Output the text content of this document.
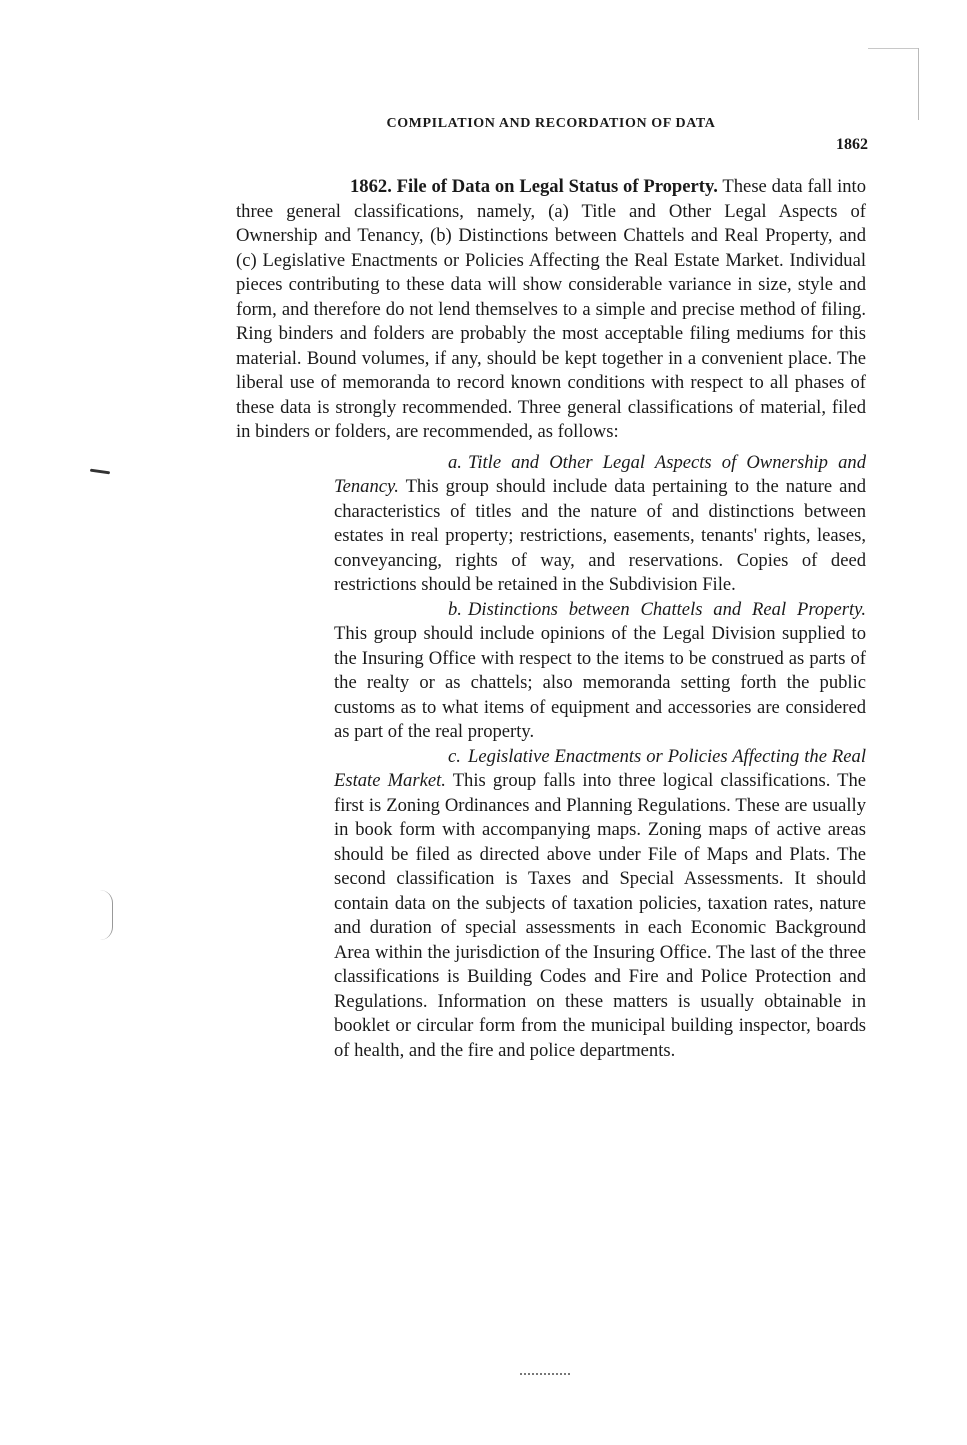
COMPILATION AND RECORDATION OF DATA
1862

1862. File of Data on Legal Status of Property. These data fall into three general classifications, namely, (a) Title and Other Legal Aspects of Ownership and Tenancy, (b) Distinctions between Chattels and Real Property, and (c) Legislative Enactments or Policies Affecting the Real Estate Market. Individual pieces contributing to these data will show considerable variance in size, style and form, and therefore do not lend themselves to a simple and precise method of filing. Ring binders and folders are probably the most acceptable filing mediums for this material. Bound volumes, if any, should be kept together in a convenient place. The liberal use of memoranda to record known conditions with respect to all phases of these data is strongly recommended. Three general classifications of material, filed in binders or folders, are recommended, as follows:

a. Title and Other Legal Aspects of Ownership and Tenancy. This group should include data pertaining to the nature and characteristics of titles and the nature of and distinctions between estates in real property; restrictions, easements, tenants' rights, leases, conveyancing, rights of way, and reservations. Copies of deed restrictions should be retained in the Subdivision File.

b. Distinctions between Chattels and Real Property. This group should include opinions of the Legal Division supplied to the Insuring Office with respect to the items to be construed as parts of the realty or as chattels; also memoranda setting forth the public customs as to what items of equipment and accessories are considered as part of the real property.

c. Legislative Enactments or Policies Affecting the Real Estate Market. This group falls into three logical classifications. The first is Zoning Ordinances and Planning Regulations. These are usually in book form with accompanying maps. Zoning maps of active areas should be filed as directed above under File of Maps and Plats. The second classification is Taxes and Special Assessments. It should contain data on the subjects of taxation policies, taxation rates, nature and duration of special assessments in each Economic Background Area within the jurisdiction of the Insuring Office. The last of the three classifications is Building Codes and Fire and Police Protection and Regulations. Information on these matters is usually obtainable in booklet or circular form from the municipal building inspector, boards of health, and the fire and police departments.
